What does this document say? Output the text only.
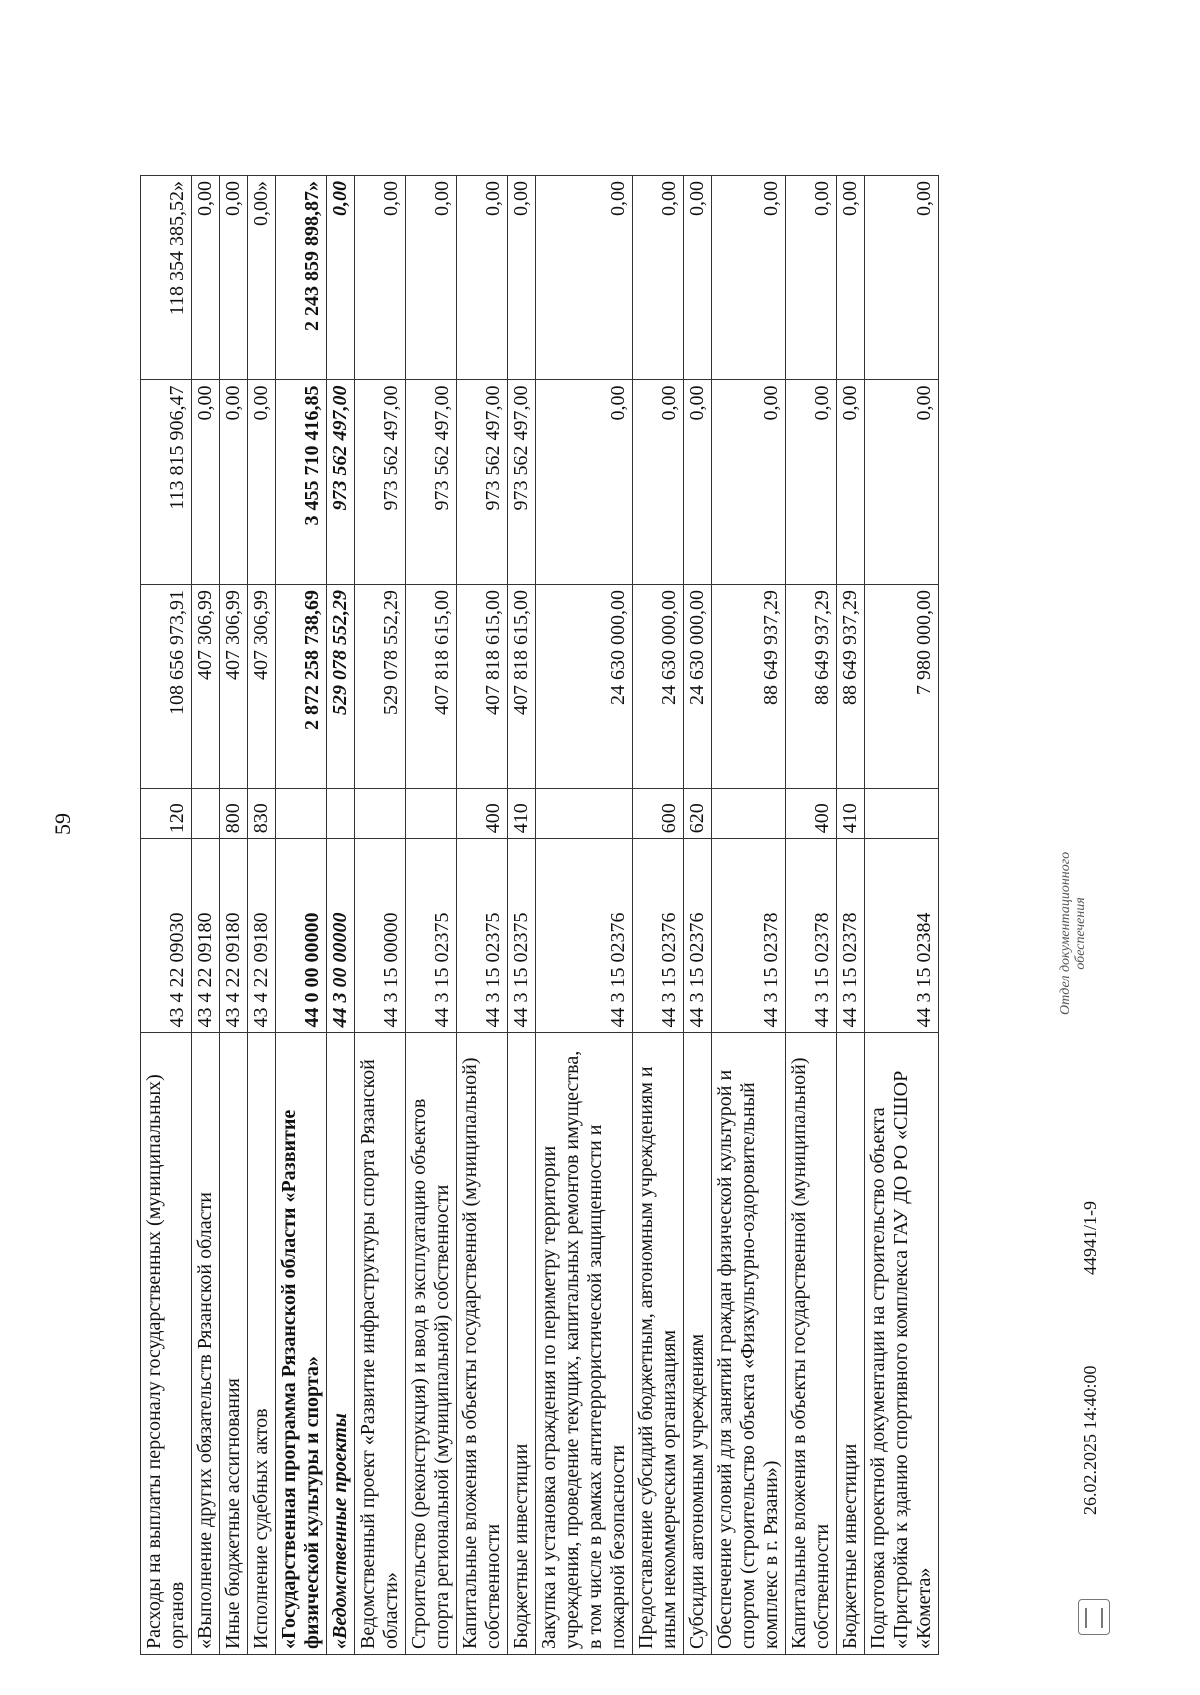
59
Расходы на выплаты персоналу государственных (муниципальных) органов	43 4 22 09030	120	108 656 973,91	113 815 906,47	118 354 385,52»
«Выполнение других обязательств Рязанской области	43 4 22 09180		407 306,99	0,00	0,00
Иные бюджетные ассигнования	43 4 22 09180	800	407 306,99	0,00	0,00
Исполнение судебных актов	43 4 22 09180	830	407 306,99	0,00	0,00»
«Государственная программа Рязанской области «Развитие физической культуры и спорта»	44 0 00 00000		2 872 258 738,69	3 455 710 416,85	2 243 859 898,87»
«Ведомственные проекты	44 3 00 00000		529 078 552,29	973 562 497,00	0,00
Ведомственный проект «Развитие инфраструктуры спорта Рязанской области»	44 3 15 00000		529 078 552,29	973 562 497,00	0,00
Строительство (реконструкция) и ввод в эксплуатацию объектов спорта региональной (муниципальной) собственности	44 3 15 02375		407 818 615,00	973 562 497,00	0,00
Капитальные вложения в объекты государственной (муниципальной) собственности	44 3 15 02375	400	407 818 615,00	973 562 497,00	0,00
Бюджетные инвестиции	44 3 15 02375	410	407 818 615,00	973 562 497,00	0,00
Закупка и установка ограждения по периметру территории учреждения, проведение текущих, капитальных ремонтов имущества, в том числе в рамках антитеррористической защищенности и пожарной безопасности	44 3 15 02376		24 630 000,00	0,00	0,00
Предоставление субсидий бюджетным, автономным учреждениям и иным некоммерческим организациям	44 3 15 02376	600	24 630 000,00	0,00	0,00
Субсидии автономным учреждениям	44 3 15 02376	620	24 630 000,00	0,00	0,00
Обеспечение условий для занятий граждан физической культурой и спортом (строительство объекта «Физкультурно-оздоровительный комплекс в г. Рязани»)	44 3 15 02378		88 649 937,29	0,00	0,00
Капитальные вложения в объекты государственной (муниципальной) собственности	44 3 15 02378	400	88 649 937,29	0,00	0,00
Бюджетные инвестиции	44 3 15 02378	410	88 649 937,29	0,00	0,00
Подготовка проектной документации на строительство объекта «Пристройка к зданию спортивного комплекса ГАУ ДО РО «СШОР «Комета»	44 3 15 02384		7 980 000,00	0,00	0,00
26.02.2025 14:40:00
44941/1-9
Отдел документационного обеспечения
